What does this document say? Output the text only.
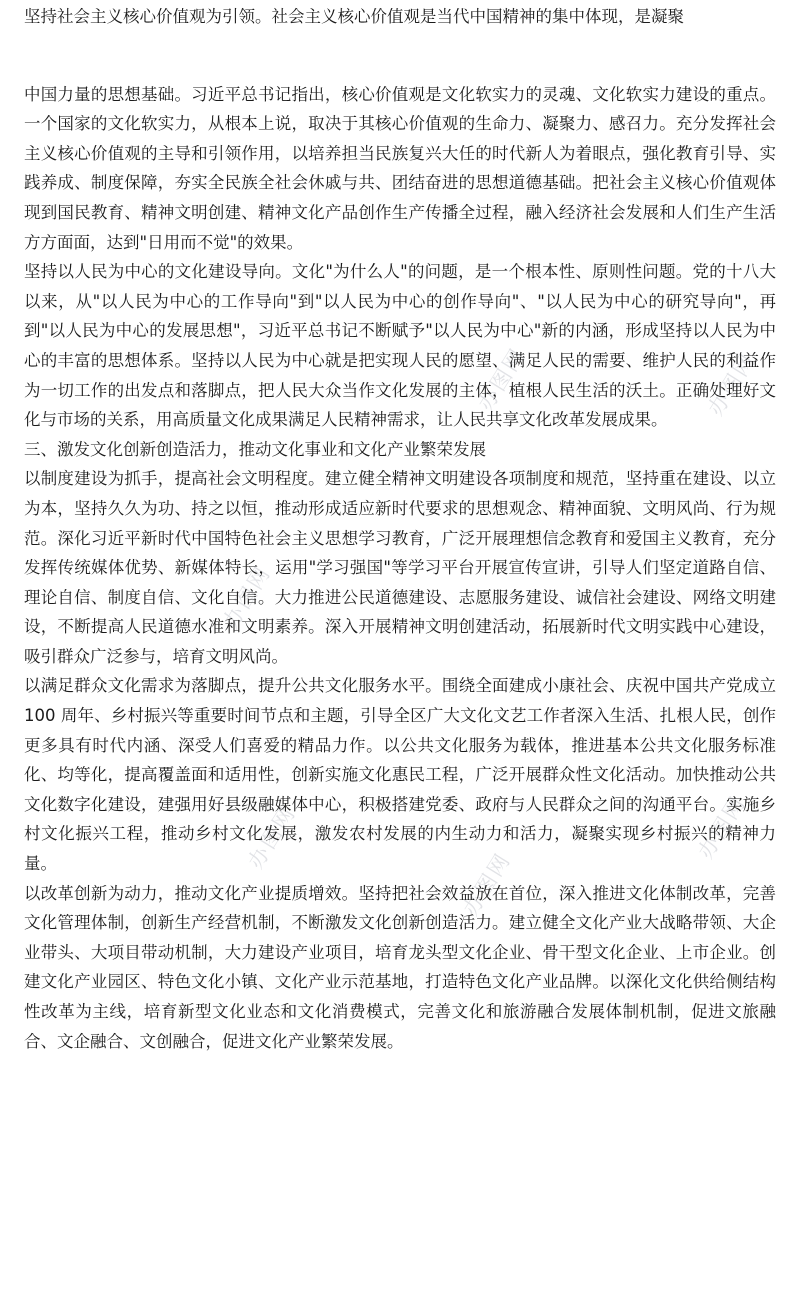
办图网	办图网
办图网
办图网
办图网
办图网

坚持社会主义核心价值观为引领。社会主义核心价值观是当代中国精神的集中体现，是凝聚

中国力量的思想基础。习近平总书记指出，核心价值观是文化软实力的灵魂、文化软实力建设的重点。一个国家的文化软实力，从根本上说，取决于其核心价值观的生命力、凝聚力、感召力。充分发挥社会主义核心价值观的主导和引领作用，以培养担当民族复兴大任的时代新人为着眼点，强化教育引导、实践养成、制度保障，夯实全民族全社会休戚与共、团结奋进的思想道德基础。把社会主义核心价值观体现到国民教育、精神文明创建、精神文化产品创作生产传播全过程，融入经济社会发展和人们生产生活方方面面，达到"日用而不觉"的效果。

坚持以人民为中心的文化建设导向。文化"为什么人"的问题，是一个根本性、原则性问题。党的十八大以来，从"以人民为中心的工作导向"到"以人民为中心的创作导向"、"以人民为中心的研究导向"，再到"以人民为中心的发展思想"，习近平总书记不断赋予"以人民为中心"新的内涵，形成坚持以人民为中心的丰富的思想体系。坚持以人民为中心就是把实现人民的愿望、满足人民的需要、维护人民的利益作为一切工作的出发点和落脚点，把人民大众当作文化发展的主体，植根人民生活的沃土。正确处理好文化与市场的关系，用高质量文化成果满足人民精神需求，让人民共享文化改革发展成果。

三、激发文化创新创造活力，推动文化事业和文化产业繁荣发展

以制度建设为抓手，提高社会文明程度。建立健全精神文明建设各项制度和规范，坚持重在建设、以立为本，坚持久久为功、持之以恒，推动形成适应新时代要求的思想观念、精神面貌、文明风尚、行为规范。深化习近平新时代中国特色社会主义思想学习教育，广泛开展理想信念教育和爱国主义教育，充分发挥传统媒体优势、新媒体特长，运用"学习强国"等学习平台开展宣传宣讲，引导人们坚定道路自信、理论自信、制度自信、文化自信。大力推进公民道德建设、志愿服务建设、诚信社会建设、网络文明建设，不断提高人民道德水准和文明素养。深入开展精神文明创建活动，拓展新时代文明实践中心建设，吸引群众广泛参与，培育文明风尚。

以满足群众文化需求为落脚点，提升公共文化服务水平。围绕全面建成小康社会、庆祝中国共产党成立 100 周年、乡村振兴等重要时间节点和主题，引导全区广大文化文艺工作者深入生活、扎根人民，创作更多具有时代内涵、深受人们喜爱的精品力作。以公共文化服务为载体，推进基本公共文化服务标准化、均等化，提高覆盖面和适用性，创新实施文化惠民工程，广泛开展群众性文化活动。加快推动公共文化数字化建设，建强用好县级融媒体中心，积极搭建党委、政府与人民群众之间的沟通平台。实施乡村文化振兴工程，推动乡村文化发展，激发农村发展的内生动力和活力，凝聚实现乡村振兴的精神力量。

以改革创新为动力，推动文化产业提质增效。坚持把社会效益放在首位，深入推进文化体制改革，完善文化管理体制，创新生产经营机制，不断激发文化创新创造活力。建立健全文化产业大战略带领、大企业带头、大项目带动机制，大力建设产业项目，培育龙头型文化企业、骨干型文化企业、上市企业。创建文化产业园区、特色文化小镇、文化产业示范基地，打造特色文化产业品牌。以深化文化供给侧结构性改革为主线，培育新型文化业态和文化消费模式，完善文化和旅游融合发展体制机制，促进文旅融合、文企融合、文创融合，促进文化产业繁荣发展。
